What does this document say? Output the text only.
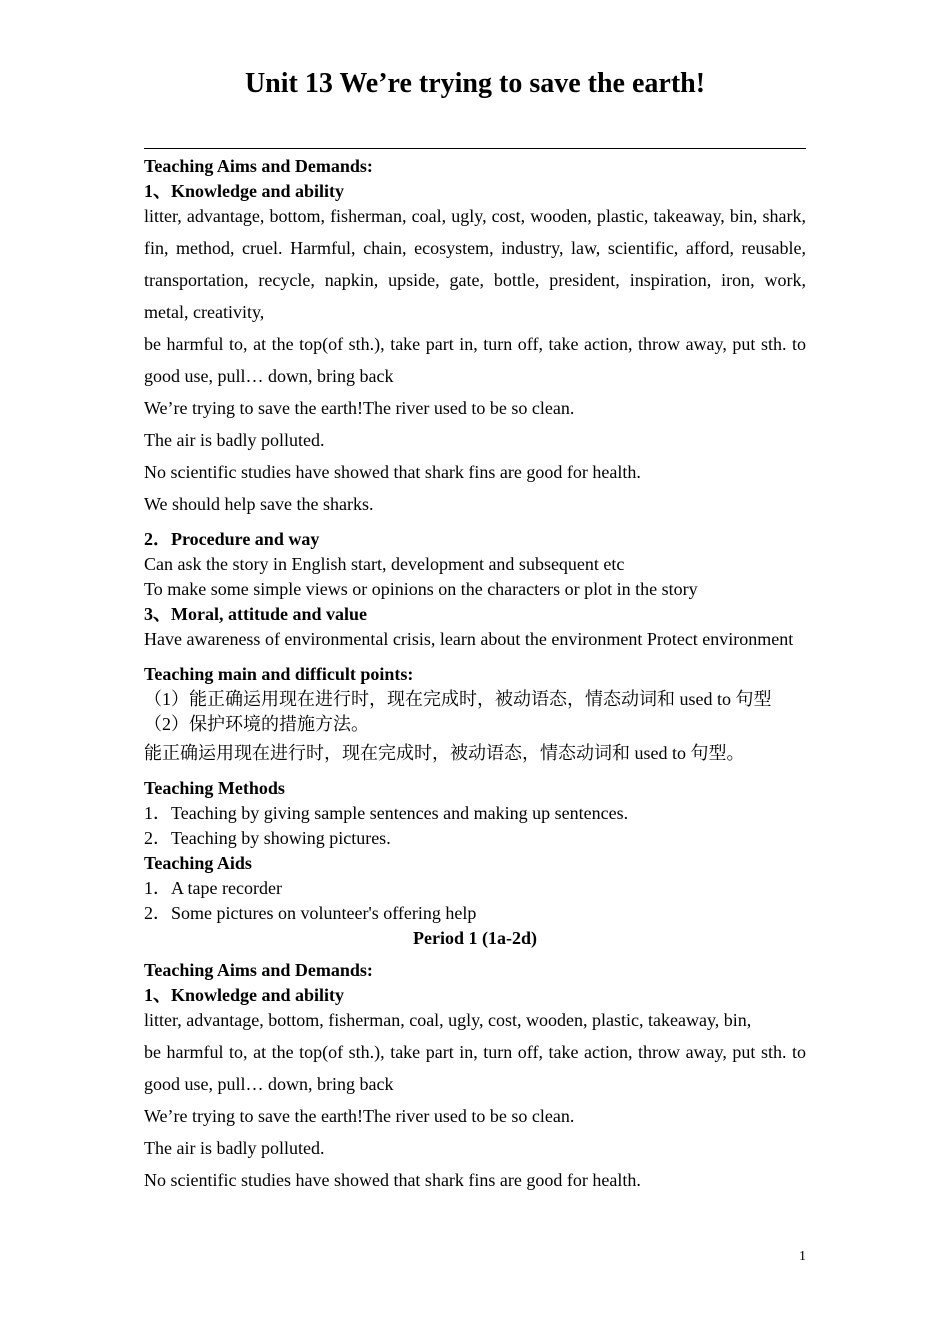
Unit 13 We’re trying to save the earth!
Teaching Aims and Demands:
1、Knowledge and ability
litter, advantage, bottom, fisherman, coal, ugly, cost, wooden, plastic, takeaway, bin, shark, fin, method, cruel. Harmful, chain, ecosystem, industry, law, scientific, afford, reusable, transportation, recycle, napkin, upside, gate, bottle, president, inspiration, iron, work, metal, creativity,
be harmful to, at the top(of sth.), take part in, turn off, take action, throw away, put sth. to good use, pull… down, bring back
We’re trying to save the earth!The river used to be so clean.
The air is badly polluted.
No scientific studies have showed that shark fins are good for health.
We should help save the sharks.
2．Procedure and way
Can ask the story in English start, development and subsequent etc
To make some simple views or opinions on the characters or plot in the story
3、Moral, attitude and value
Have awareness of environmental crisis, learn about the environment Protect environment
Teaching main and difficult points:
（1）能正确运用现在进行时，现在完成时，被动语态，情态动词和 used to 句型
（2）保护环境的措施方法。
能正确运用现在进行时，现在完成时，被动语态，情态动词和 used to 句型。
Teaching Methods
1．Teaching by giving sample sentences and making up sentences.
2．Teaching by showing pictures.
Teaching Aids
1．A tape recorder
2．Some pictures on volunteer's offering help
Period 1 (1a-2d)
Teaching Aims and Demands:
1、Knowledge and ability
litter, advantage, bottom, fisherman, coal, ugly, cost, wooden, plastic, takeaway, bin,
be harmful to, at the top(of sth.), take part in, turn off, take action, throw away, put sth. to good use, pull… down, bring back
We’re trying to save the earth!The river used to be so clean.
The air is badly polluted.
No scientific studies have showed that shark fins are good for health.
1
